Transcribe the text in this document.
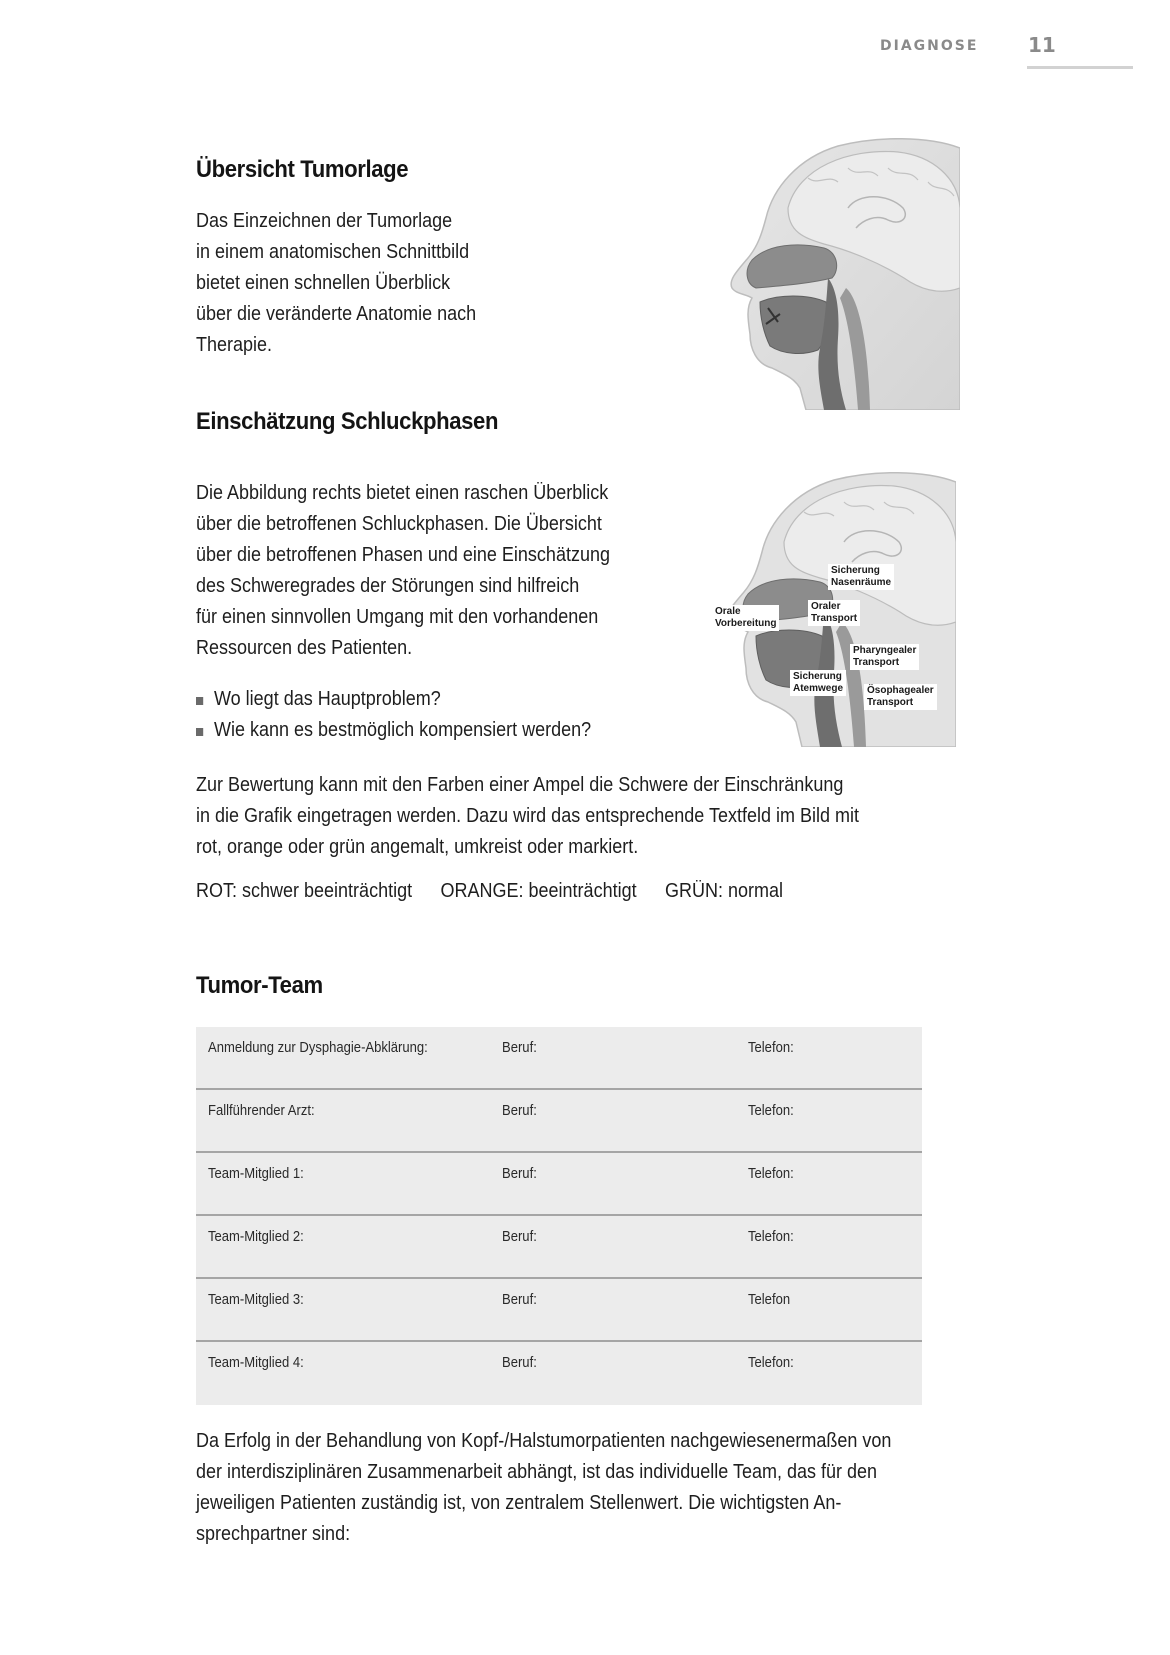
DIAGNOSE 11
Übersicht Tumorlage

Das Einzeichnen der Tumorlage
in einem anatomischen Schnittbild
bietet einen schnellen Überblick
über die veränderte Anatomie nach
Therapie.

Einschätzung Schluckphasen

Die Abbildung rechts bietet einen raschen Überblick
über die betroffenen Schluckphasen. Die Übersicht
über die betroffenen Phasen und eine Einschätzung
des Schweregrades der Störungen sind hilfreich
für einen sinnvollen Umgang mit den vorhandenen
Ressourcen des Patienten.

Wo liegt das Hauptproblem?
Wie kann es bestmöglich kompensiert werden?
Sicherung
Nasenräume
Orale
Vorbereitung
Oraler
Transport
Pharyngealer
Transport
Sicherung
Atemwege Ösophagealer
Transport

Zur Bewertung kann mit den Farben einer Ampel die Schwere der Einschränkung
in die Grafik eingetragen werden. Dazu wird das entsprechende Textfeld im Bild mit
rot, orange oder grün angemalt, umkreist oder markiert.

ROT: schwer beeinträchtigt ORANGE: beeinträchtigt GRÜN: normal
Tumor-Team
Anmeldung zur Dysphagie-Abklärung:	Beruf:	Telefon:
Fallführender Arzt:	Beruf:	Telefon:
Team-Mitglied 1:	Beruf:	Telefon:
Team-Mitglied 2:	Beruf:	Telefon:
Team-Mitglied 3:	Beruf:	Telefon
Team-Mitglied 4:	Beruf:	Telefon:

Da Erfolg in der Behandlung von Kopf-/Halstumorpatienten nachgewiesenermaßen von
der interdisziplinären Zusammenarbeit abhängt, ist das individuelle Team, das für den
jeweiligen Patienten zuständig ist, von zentralem Stellenwert. Die wichtigsten An-
sprechpartner sind:
